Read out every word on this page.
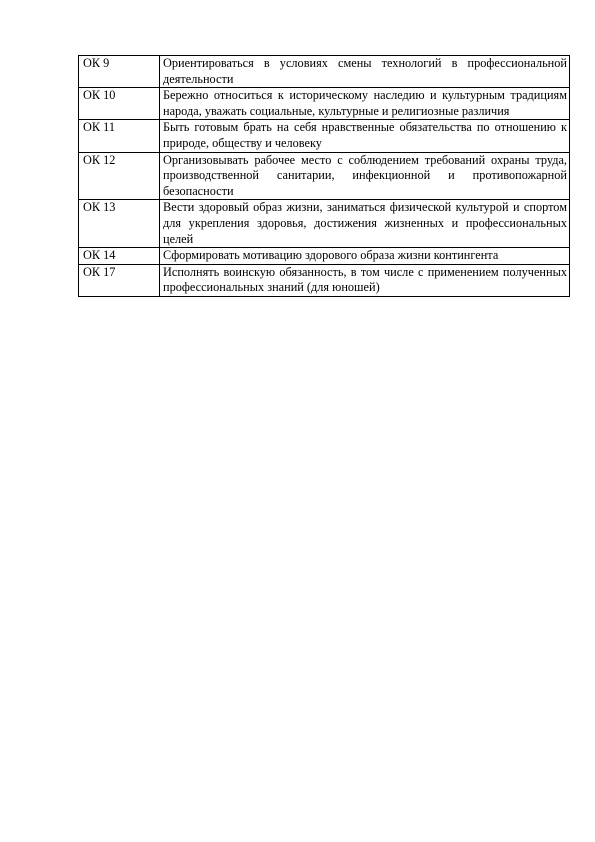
ОК 9	Ориентироваться в условиях смены технологий в профессиональной деятельности
ОК 10	Бережно относиться к историческому наследию и культурным традициям народа, уважать социальные, культурные и религиозные различия
ОК 11	Быть готовым брать на себя нравственные обязательства по отношению к природе, обществу и человеку
ОК 12	Организовывать рабочее место с соблюдением требований охраны труда, производственной санитарии, инфекционной и противопожарной безопасности
ОК 13	Вести здоровый образ жизни, заниматься физической культурой и спортом для укрепления здоровья, достижения жизненных и профессиональных целей
ОК 14	Сформировать мотивацию здорового образа жизни контингента
ОК 17	Исполнять воинскую обязанность, в том числе с применением полученных профессиональных знаний (для юношей)
